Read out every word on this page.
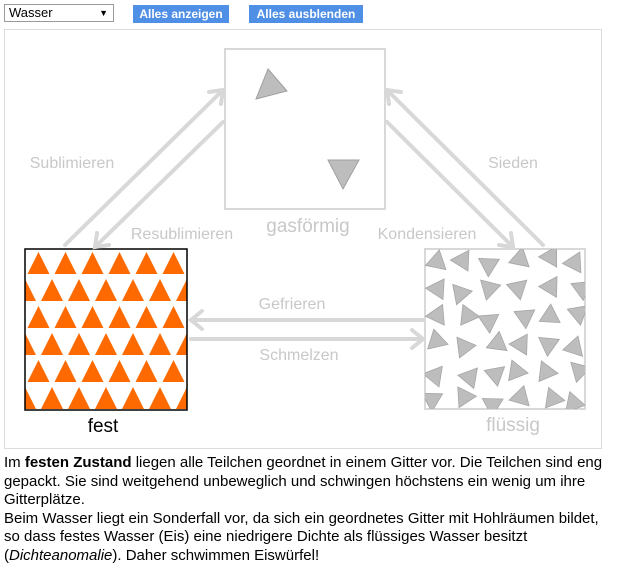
Wasser	▼	Alles anzeigen	Alles ausblenden
gasförmig
fest	flüssig
Sublimieren
Resublimieren
Sieden
Kondensieren
Gefrieren
Schmelzen

Im festen Zustand liegen alle Teilchen geordnet in einem Gitter vor. Die Teilchen sind eng gepackt. Sie sind weitgehend unbeweglich und schwingen höchstens ein wenig um ihre Gitterplätze.

Beim Wasser liegt ein Sonderfall vor, da sich ein geordnetes Gitter mit Hohlräumen bildet, so dass festes Wasser (Eis) eine niedrigere Dichte als flüssiges Wasser besitzt (Dichteanomalie). Daher schwimmen Eiswürfel!
